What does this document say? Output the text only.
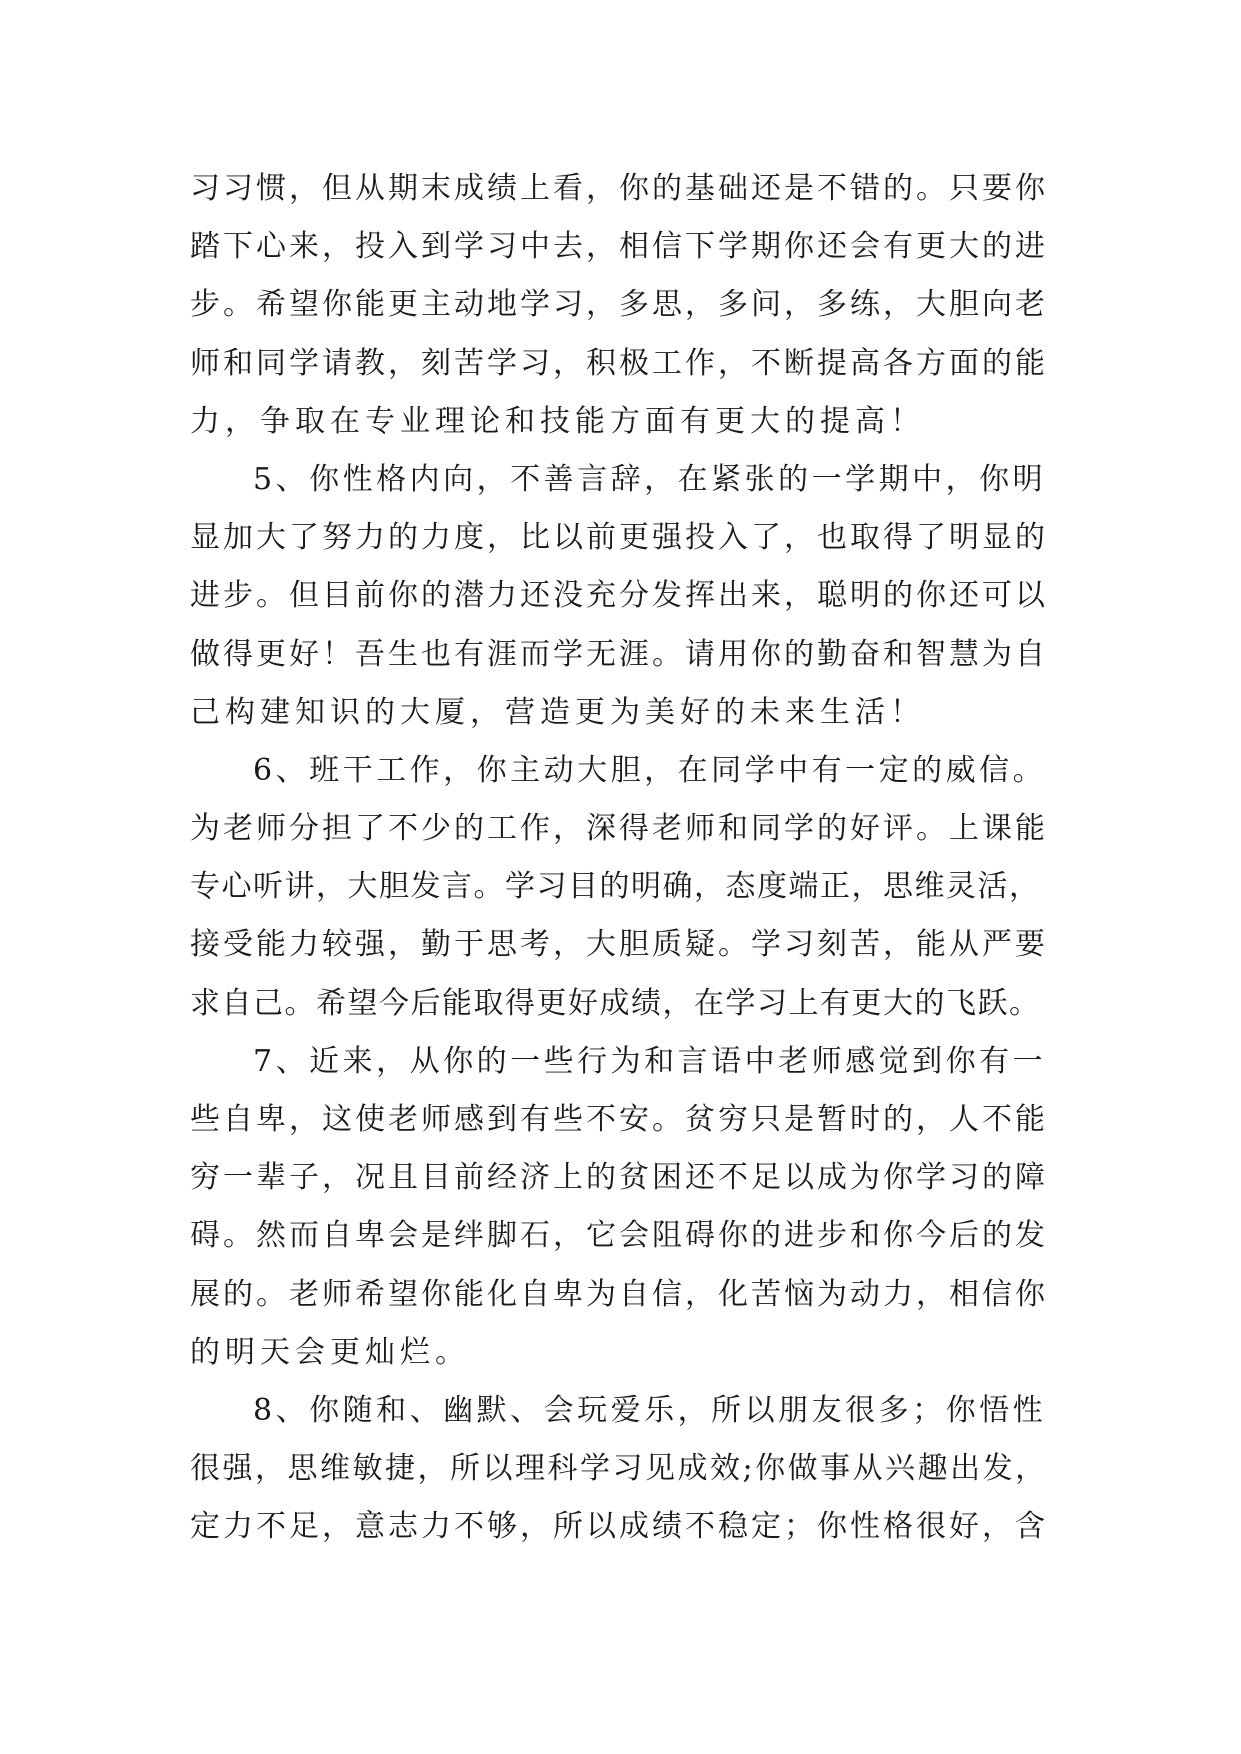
习习惯，但从期末成绩上看，你的基础还是不错的。只要你
踏下心来，投入到学习中去，相信下学期你还会有更大的进
步。希望你能更主动地学习，多思，多问，多练，大胆向老
师和同学请教，刻苦学习，积极工作，不断提高各方面的能
力，争取在专业理论和技能方面有更大的提高！
5、你性格内向，不善言辞，在紧张的一学期中，你明
显加大了努力的力度，比以前更强投入了，也取得了明显的
进步。但目前你的潜力还没充分发挥出来，聪明的你还可以
做得更好！吾生也有涯而学无涯。请用你的勤奋和智慧为自
己构建知识的大厦，营造更为美好的未来生活！
6、班干工作，你主动大胆，在同学中有一定的威信。
为老师分担了不少的工作，深得老师和同学的好评。上课能
专心听讲，大胆发言。学习目的明确，态度端正，思维灵活，
接受能力较强，勤于思考，大胆质疑。学习刻苦，能从严要
求自己。希望今后能取得更好成绩，在学习上有更大的飞跃。
7、近来，从你的一些行为和言语中老师感觉到你有一
些自卑，这使老师感到有些不安。贫穷只是暂时的，人不能
穷一辈子，况且目前经济上的贫困还不足以成为你学习的障
碍。然而自卑会是绊脚石，它会阻碍你的进步和你今后的发
展的。老师希望你能化自卑为自信，化苦恼为动力，相信你
的明天会更灿烂。
8、你随和、幽默、会玩爱乐，所以朋友很多；你悟性
很强，思维敏捷，所以理科学习见成效;你做事从兴趣出发，
定力不足，意志力不够，所以成绩不稳定；你性格很好，含
